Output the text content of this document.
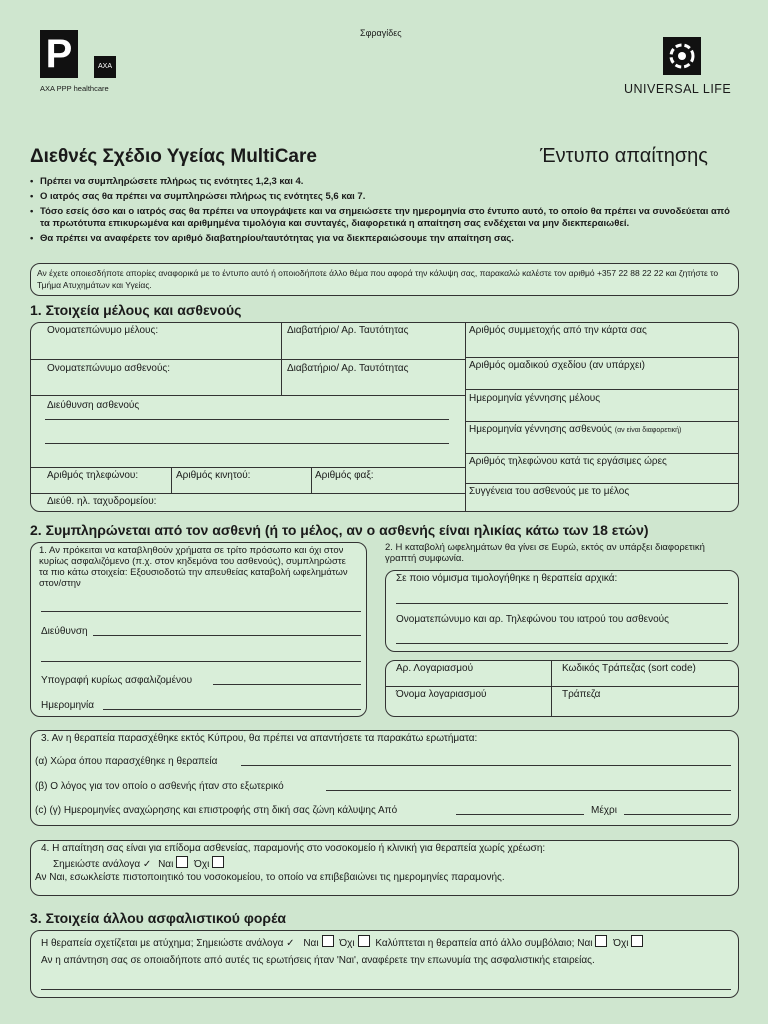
Σφραγίδες
P	AXA
AXA PPP healthcare	UNIVERSAL LIFE
Διεθνές Σχέδιο Υγείας MultiCare	Έντυπο απαίτησης
• Πρέπει να συμπληρώσετε πλήρως τις ενότητες 1,2,3 και 4.
• Ο ιατρός σας θα πρέπει να συμπληρώσει πλήρως τις ενότητες 5,6 και 7.
• Τόσο εσείς όσο και ο ιατρός σας θα πρέπει να υπογράψετε και να σημειώσετε την ημερομηνία στο έντυπο αυτό, το οποίο θα πρέπει να συνοδεύεται από τα πρωτότυπα επικυρωμένα και αριθμημένα τιμολόγια και συνταγές, διαφορετικά η απαίτηση σας ενδέχεται να μην διεκπεραιωθεί.
• Θα πρέπει να αναφέρετε τον αριθμό διαβατηρίου/ταυτότητας για να διεκπεραιώσουμε την απαίτηση σας.
Αν έχετε οποιεσδήποτε απορίες αναφορικά με το έντυπο αυτό ή οποιοδήποτε άλλο θέμα που αφορά την κάλυψη σας, παρακαλώ καλέστε τον αριθμό +357 22 88 22 22 και ζητήστε το Τμήμα Ατυχημάτων και Υγείας.
1. Στοιχεία μέλους και ασθενούς
Ονοματεπώνυμο μέλους:	Διαβατήριο/ Αρ. Ταυτότητας
Ονοματεπώνυμο ασθενούς:	Διαβατήριο/ Αρ. Ταυτότητας
Διεύθυνση ασθενούς
Αριθμός τηλεφώνου:	Αριθμός κινητού:	Αριθμός φαξ:
Διεύθ. ηλ. ταχυδρομείου:
Αριθμός συμμετοχής από την κάρτα σας
Αριθμός ομαδικού σχεδίου (αν υπάρχει)
Ημερομηνία γέννησης μέλους
Ημερομηνία γέννησης ασθενούς (αν είναι διαφορετική)
Αριθμός τηλεφώνου κατά τις εργάσιμες ώρες
Συγγένεια του ασθενούς με το μέλος
2. Συμπληρώνεται από τον ασθενή (ή το μέλος, αν ο ασθενής είναι ηλικίας κάτω των 18 ετών)
1. Αν πρόκειται να καταβληθούν χρήματα σε τρίτο πρόσωπο και όχι στον κυρίως ασφαλιζόμενο (π.χ. στον κηδεμόνα του ασθενούς), συμπληρώστε τα πιο κάτω στοιχεία: Εξουσιοδοτώ την απευθείας καταβολή ωφελημάτων στον/στην
Διεύθυνση
Υπογραφή κυρίως ασφαλιζομένου
Ημερομηνία
2. Η καταβολή ωφελημάτων θα γίνει σε Ευρώ, εκτός αν υπάρξει διαφορετική γραπτή συμφωνία.
Σε ποιο νόμισμα τιμολογήθηκε η θεραπεία αρχικά:
Ονοματεπώνυμο και αρ. Τηλεφώνου του ιατρού του ασθενούς
Αρ. Λογαριασμού	Κωδικός Τράπεζας (sort code)
Όνομα λογαριασμού	Τράπεζα
3. Αν η θεραπεία παρασχέθηκε εκτός Κύπρου, θα πρέπει να απαντήσετε τα παρακάτω ερωτήματα:
(α) Χώρα όπου παρασχέθηκε η θεραπεία
(β) Ο λόγος για τον οποίο ο ασθενής ήταν στο εξωτερικό
(c) (γ) Ημερομηνίες αναχώρησης και επιστροφής στη δική σας ζώνη κάλυψης Από	Μέχρι
4. Η απαίτηση σας είναι για επίδομα ασθενείας, παραμονής στο νοσοκομείο ή κλινική για θεραπεία χωρίς χρέωση:
Σημειώστε ανάλογα ✓ Ναι Όχι
Αν Ναι, εσωκλείστε πιστοποιητικό του νοσοκομείου, το οποίο να επιβεβαιώνει τις ημερομηνίες παραμονής.
3. Στοιχεία άλλου ασφαλιστικού φορέα
Η θεραπεία σχετίζεται με ατύχημα; Σημειώστε ανάλογα ✓ Ναι Όχι Καλύπτεται η θεραπεία από άλλο συμβόλαιο; Ναι Όχι
Αν η απάντηση σας σε οποιαδήποτε από αυτές τις ερωτήσεις ήταν 'Ναι', αναφέρετε την επωνυμία της ασφαλιστικής εταιρείας.
